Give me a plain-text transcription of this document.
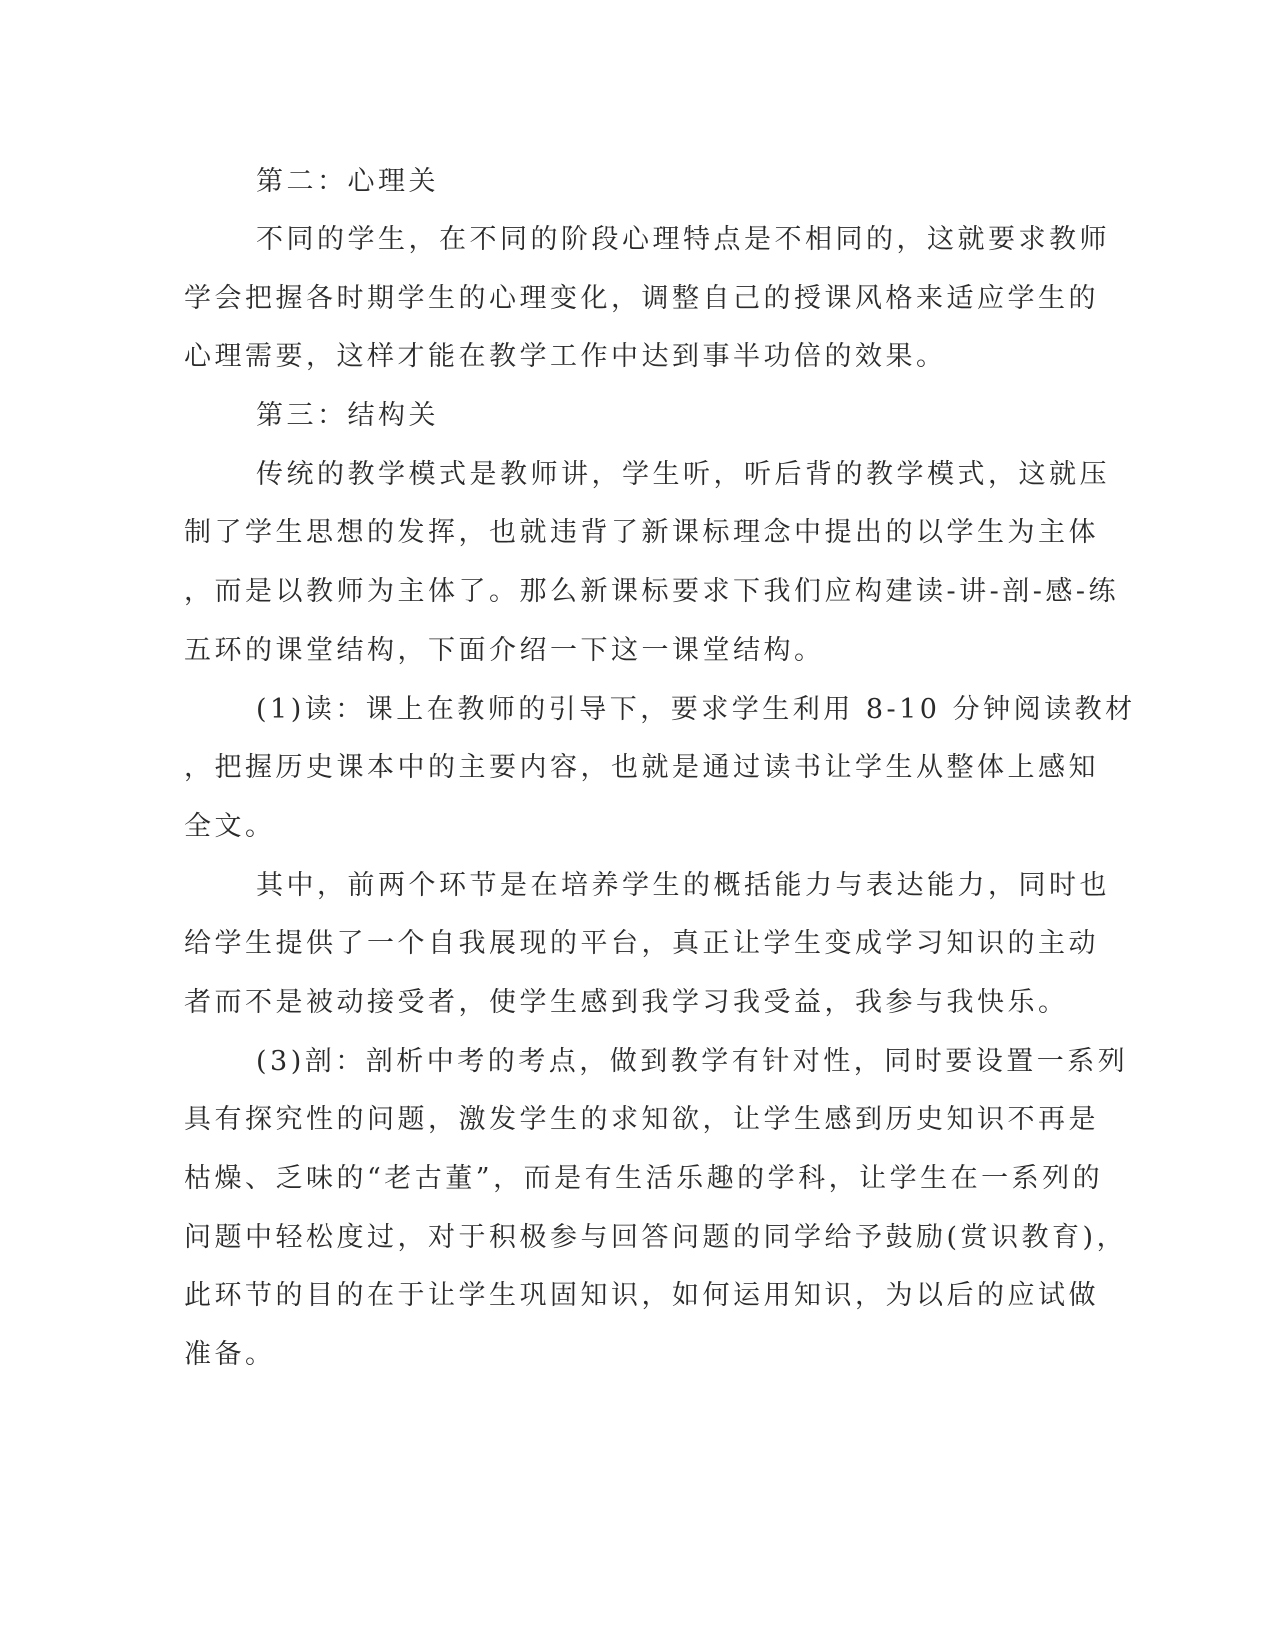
第二：心理关
不同的学生，在不同的阶段心理特点是不相同的，这就要求教师
学会把握各时期学生的心理变化，调整自己的授课风格来适应学生的
心理需要，这样才能在教学工作中达到事半功倍的效果。
第三：结构关
传统的教学模式是教师讲，学生听，听后背的教学模式，这就压
制了学生思想的发挥，也就违背了新课标理念中提出的以学生为主体
，而是以教师为主体了。那么新课标要求下我们应构建读-讲-剖-感-练
五环的课堂结构，下面介绍一下这一课堂结构。
(1)读：课上在教师的引导下，要求学生利用 8-10 分钟阅读教材
，把握历史课本中的主要内容，也就是通过读书让学生从整体上感知
全文。
其中，前两个环节是在培养学生的概括能力与表达能力，同时也
给学生提供了一个自我展现的平台，真正让学生变成学习知识的主动
者而不是被动接受者，使学生感到我学习我受益，我参与我快乐。
(3)剖：剖析中考的考点，做到教学有针对性，同时要设置一系列
具有探究性的问题，激发学生的求知欲，让学生感到历史知识不再是
枯燥、乏味的“老古董”，而是有生活乐趣的学科，让学生在一系列的
问题中轻松度过，对于积极参与回答问题的同学给予鼓励(赏识教育)，
此环节的目的在于让学生巩固知识，如何运用知识，为以后的应试做
准备。
